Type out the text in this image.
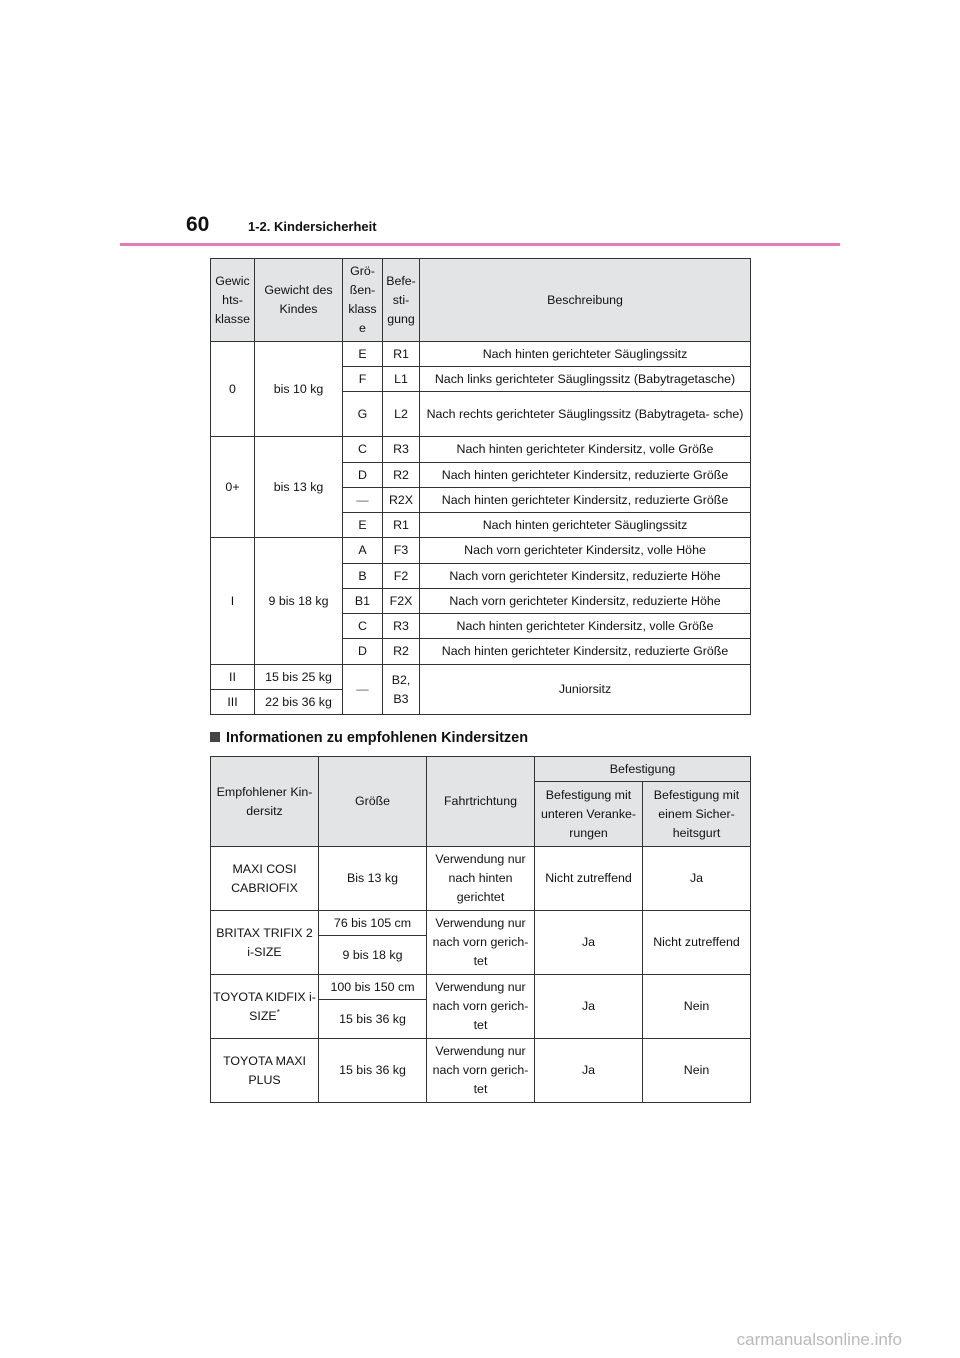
60	1-2. Kindersicherheit
Gewic hts- klasse	Gewicht des Kindes	Grö- ßen- klass e	Befe- sti- gung	Beschreibung
0	bis 10 kg	E	R1	Nach hinten gerichteter Säuglingssitz
		F	L1	Nach links gerichteter Säuglingssitz (Babytragetasche)
		G	L2	Nach rechts gerichteter Säuglingssitz (Babytrageta- sche)
0+	bis 13 kg	C	R3	Nach hinten gerichteter Kindersitz, volle Größe
		D	R2	Nach hinten gerichteter Kindersitz, reduzierte Größe
		—	R2X	Nach hinten gerichteter Kindersitz, reduzierte Größe
		E	R1	Nach hinten gerichteter Säuglingssitz
I	9 bis 18 kg	A	F3	Nach vorn gerichteter Kindersitz, volle Höhe
		B	F2	Nach vorn gerichteter Kindersitz, reduzierte Höhe
		B1	F2X	Nach vorn gerichteter Kindersitz, reduzierte Höhe
		C	R3	Nach hinten gerichteter Kindersitz, volle Größe
		D	R2	Nach hinten gerichteter Kindersitz, reduzierte Größe
II	15 bis 25 kg	—	B2, B3	Juniorsitz
III	22 bis 36 kg			
Informationen zu empfohlenen Kindersitzen
Empfohlener Kin- dersitz	Größe	Fahrtrichtung	Befestigung	
			Befestigung mit unteren Veranke- rungen	Befestigung mit einem Sicher- heitsgurt
MAXI COSI CABRIOFIX	Bis 13 kg	Verwendung nur nach hinten gerichtet	Nicht zutreffend	Ja
BRITAX TRIFIX 2 i-SIZE	76 bis 105 cm	Verwendung nur nach vorn gerich- tet	Ja	Nicht zutreffend
	9 bis 18 kg			
TOYOTA KIDFIX i-SIZE*	100 bis 150 cm	Verwendung nur nach vorn gerich- tet	Ja	Nein
	15 bis 36 kg			
TOYOTA MAXI PLUS	15 bis 36 kg	Verwendung nur nach vorn gerich- tet	Ja	Nein
carmanualsonline.info
